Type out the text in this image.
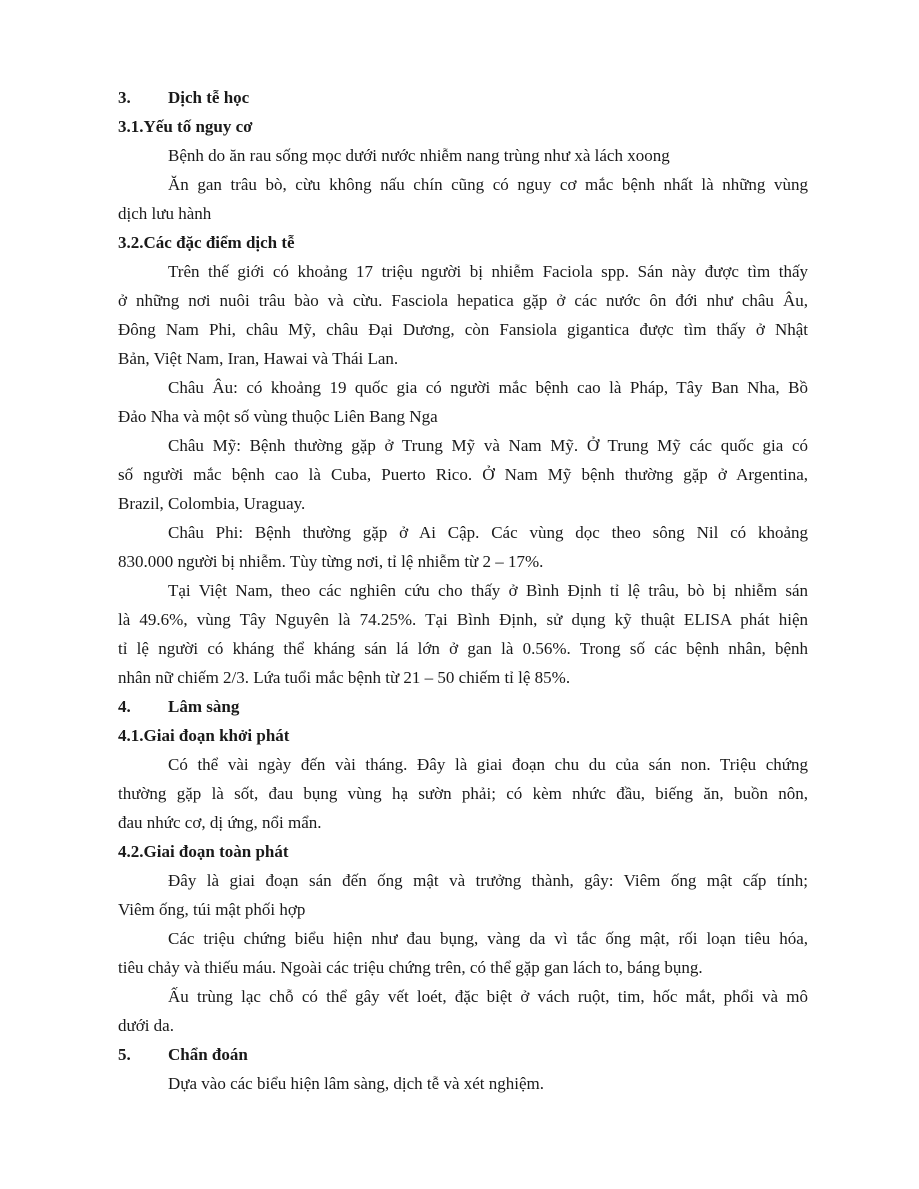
3. Dịch tễ học
3.1.Yếu tố nguy cơ
Bệnh do ăn rau sống mọc dưới nước nhiễm nang trùng như xà lách xoong
Ăn gan trâu bò, cừu không nấu chín cũng có nguy cơ mắc bệnh nhất là những vùng
dịch lưu hành
3.2.Các đặc điểm dịch tễ
Trên thế giới có khoảng 17 triệu người bị nhiễm Faciola spp. Sán này được tìm thấy
ở những nơi nuôi trâu bào và cừu. Fasciola hepatica gặp ở các nước ôn đới như châu Âu,
Đông Nam Phi, châu Mỹ, châu Đại Dương, còn Fansiola gigantica được tìm thấy ở Nhật
Bản, Việt Nam, Iran, Hawai và Thái Lan.
Châu Âu: có khoảng 19 quốc gia có người mắc bệnh cao là Pháp, Tây Ban Nha, Bồ
Đảo Nha và một số vùng thuộc Liên Bang Nga
Châu Mỹ: Bệnh thường gặp ở Trung Mỹ và Nam Mỹ. Ở Trung Mỹ các quốc gia có
số người mắc bệnh cao là Cuba, Puerto Rico. Ở Nam Mỹ bệnh thường gặp ở Argentina,
Brazil, Colombia, Uraguay.
Châu Phi: Bệnh thường gặp ở Ai Cập. Các vùng dọc theo sông Nil có khoảng
830.000 người bị nhiễm. Tùy từng nơi, tỉ lệ nhiễm từ 2 – 17%.
Tại Việt Nam, theo các nghiên cứu cho thấy ở Bình Định tỉ lệ trâu, bò bị nhiễm sán
là 49.6%, vùng Tây Nguyên là 74.25%. Tại Bình Định, sử dụng kỹ thuật ELISA phát hiện
tỉ lệ người có kháng thể kháng sán lá lớn ở gan là 0.56%. Trong số các bệnh nhân, bệnh
nhân nữ chiếm 2/3. Lứa tuổi mắc bệnh từ 21 – 50 chiếm tỉ lệ 85%.
4. Lâm sàng
4.1.Giai đoạn khởi phát
Có thể vài ngày đến vài tháng. Đây là giai đoạn chu du của sán non. Triệu chứng
thường gặp là sốt, đau bụng vùng hạ sườn phải; có kèm nhức đầu, biếng ăn, buồn nôn,
đau nhức cơ, dị ứng, nổi mẩn.
4.2.Giai đoạn toàn phát
Đây là giai đoạn sán đến ống mật và trưởng thành, gây: Viêm ống mật cấp tính;
Viêm ống, túi mật phối hợp
Các triệu chứng biểu hiện như đau bụng, vàng da vì tắc ống mật, rối loạn tiêu hóa,
tiêu chảy và thiếu máu. Ngoài các triệu chứng trên, có thể gặp gan lách to, báng bụng.
Ấu trùng lạc chỗ có thể gây vết loét, đặc biệt ở vách ruột, tim, hốc mắt, phổi và mô
dưới da.
5. Chẩn đoán
Dựa vào các biểu hiện lâm sàng, dịch tễ và xét nghiệm.
